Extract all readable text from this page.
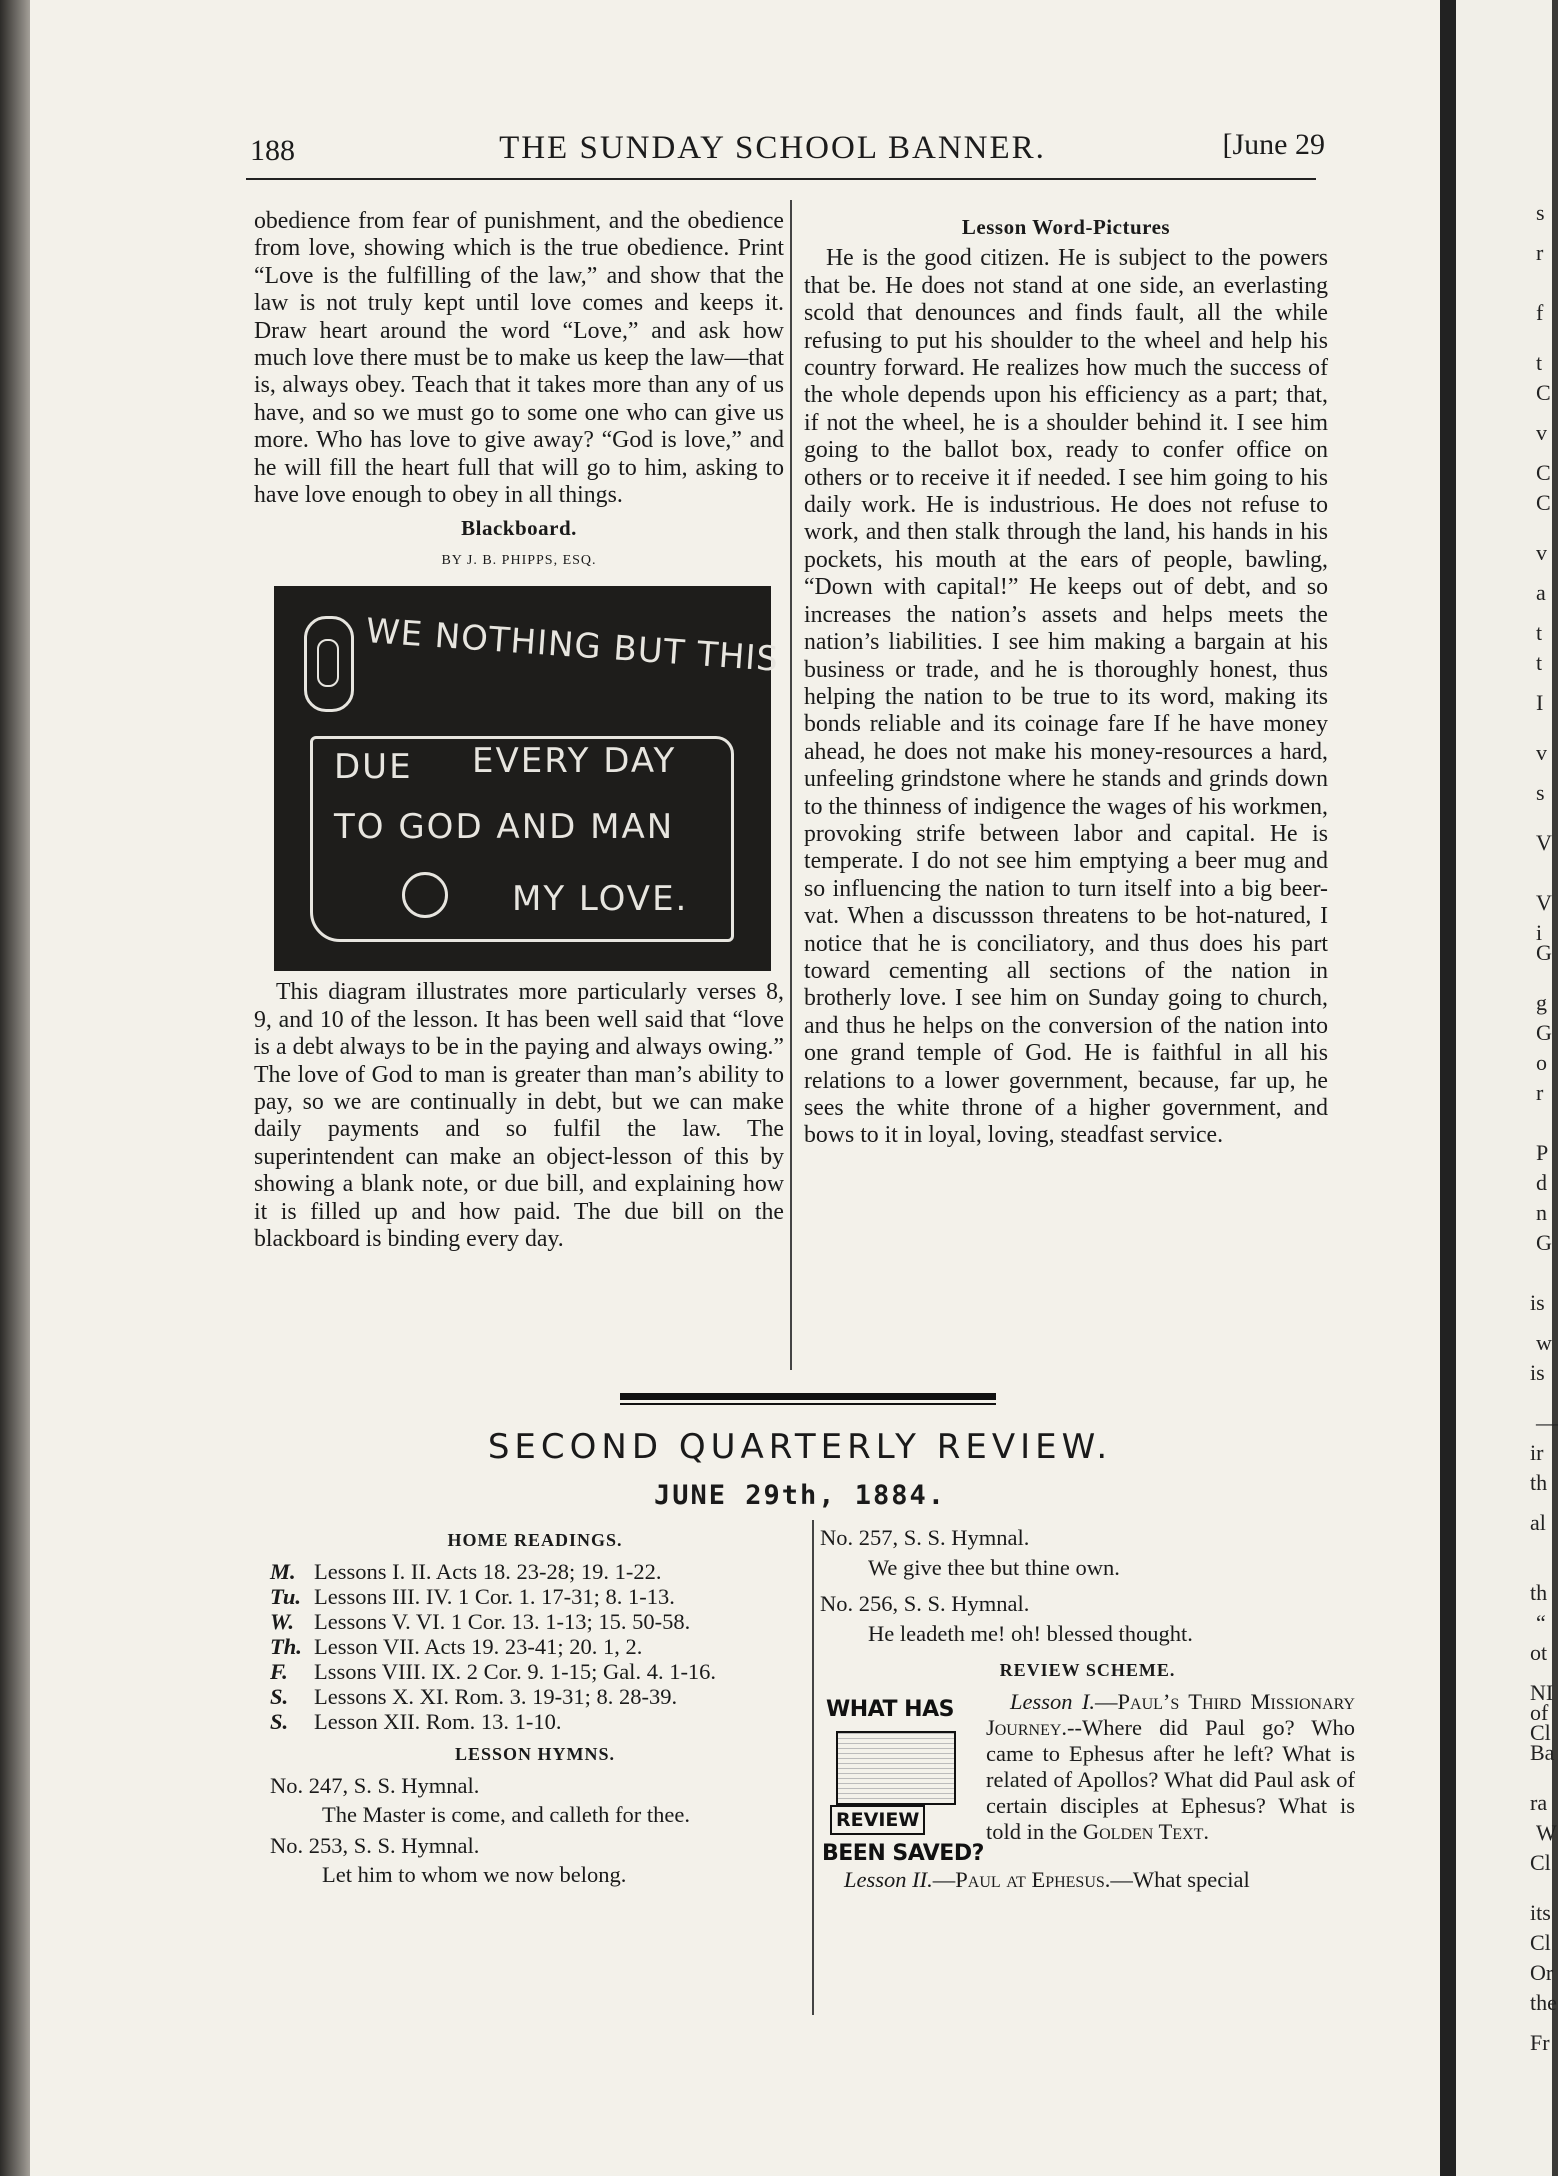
s
r
f
t
C
v
C
C
v
a
t
t
I
v
s
V
V
i
G
g
G
o
r
P
d
n
G
is
w
is
—
ir
th
al
th
“
ot
NI
of
Cl
Ba
ra
W
Cl
its
Cl
Or
the
Fr
188	THE SUNDAY SCHOOL BANNER.	[June 29

obedience from fear of punishment, and the obedience from love, showing which is the true obedience. Print “Love is the fulfilling of the law,” and show that the law is not truly kept until love comes and keeps it. Draw heart around the word “Love,” and ask how much love there must be to make us keep the law—that is, always obey. Teach that it takes more than any of us have, and so we must go to some one who can give us more. Who has love to give away? “God is love,” and he will fill the heart full that will go to him, asking to have love enough to obey in all things.

Blackboard.
BY J. B. PHIPPS, ESQ.
WE NOTHING BUT THIS
DUE EVERY DAY
TO GOD AND MAN
MY LOVE.

This diagram illustrates more particularly verses 8, 9, and 10 of the lesson. It has been well said that “love is a debt always to be in the paying and always owing.” The love of God to man is greater than man’s ability to pay, so we are continually in debt, but we can make daily payments and so fulfil the law. The superintendent can make an object-lesson of this by showing a blank note, or due bill, and explaining how it is filled up and how paid. The due bill on the blackboard is binding every day.

Lesson Word-Pictures

He is the good citizen. He is subject to the powers that be. He does not stand at one side, an everlasting scold that denounces and finds fault, all the while refusing to put his shoulder to the wheel and help his country forward. He realizes how much the success of the whole depends upon his efficiency as a part; that, if not the wheel, he is a shoulder behind it. I see him going to the ballot box, ready to confer office on others or to receive it if needed. I see him going to his daily work. He is industrious. He does not refuse to work, and then stalk through the land, his hands in his pockets, his mouth at the ears of people, bawling, “Down with capital!” He keeps out of debt, and so increases the nation’s assets and helps meets the nation’s liabilities. I see him making a bargain at his business or trade, and he is thoroughly honest, thus helping the nation to be true to its word, making its bonds reliable and its coinage fare If he have money ahead, he does not make his money-resources a hard, unfeeling grindstone where he stands and grinds down to the thinness of indigence the wages of his workmen, provoking strife between labor and capital. He is temperate. I do not see him emptying a beer mug and so influencing the nation to turn itself into a big beer-vat. When a discussson threatens to be hot-natured, I notice that he is conciliatory, and thus does his part toward cementing all sections of the nation in brotherly love. I see him on Sunday going to church, and thus he helps on the conversion of the nation into one grand temple of God. He is faithful in all his relations to a lower government, because, far up, he sees the white throne of a higher government, and bows to it in loyal, loving, steadfast service.

SECOND QUARTERLY REVIEW.
JUNE 29th, 1884.
HOME READINGS.
M. Lessons I. II. Acts 18. 23-28; 19. 1-22.
Tu. Lessons III. IV. 1 Cor. 1. 17-31; 8. 1-13.
W. Lessons V. VI. 1 Cor. 13. 1-13; 15. 50-58.
Th. Lesson VII. Acts 19. 23-41; 20. 1, 2.
F.	Lssons VIII. IX. 2 Cor. 9. 1-15; Gal. 4. 1-16.
S.	Lessons X. XI. Rom. 3. 19-31; 8. 28-39.
S.	Lesson XII. Rom. 13. 1-10.
LESSON HYMNS.
No. 247, S. S. Hymnal.
The Master is come, and calleth for thee.
No. 253, S. S. Hymnal.
Let him to whom we now belong.
No. 257, S. S. Hymnal.
We give thee but thine own.
No. 256, S. S. Hymnal.
He leadeth me! oh! blessed thought.
REVIEW SCHEME.
WHAT HAS
REVIEW
BEEN SAVED?
Lesson I.—Paul’s Third Missionary Journey.--Where did Paul go? Who came to Ephesus after he left? What is related of Apollos? What did Paul ask of certain disciples at Ephesus? What is told in the Golden Text.
Lesson II.—Paul at Ephesus.—What special
